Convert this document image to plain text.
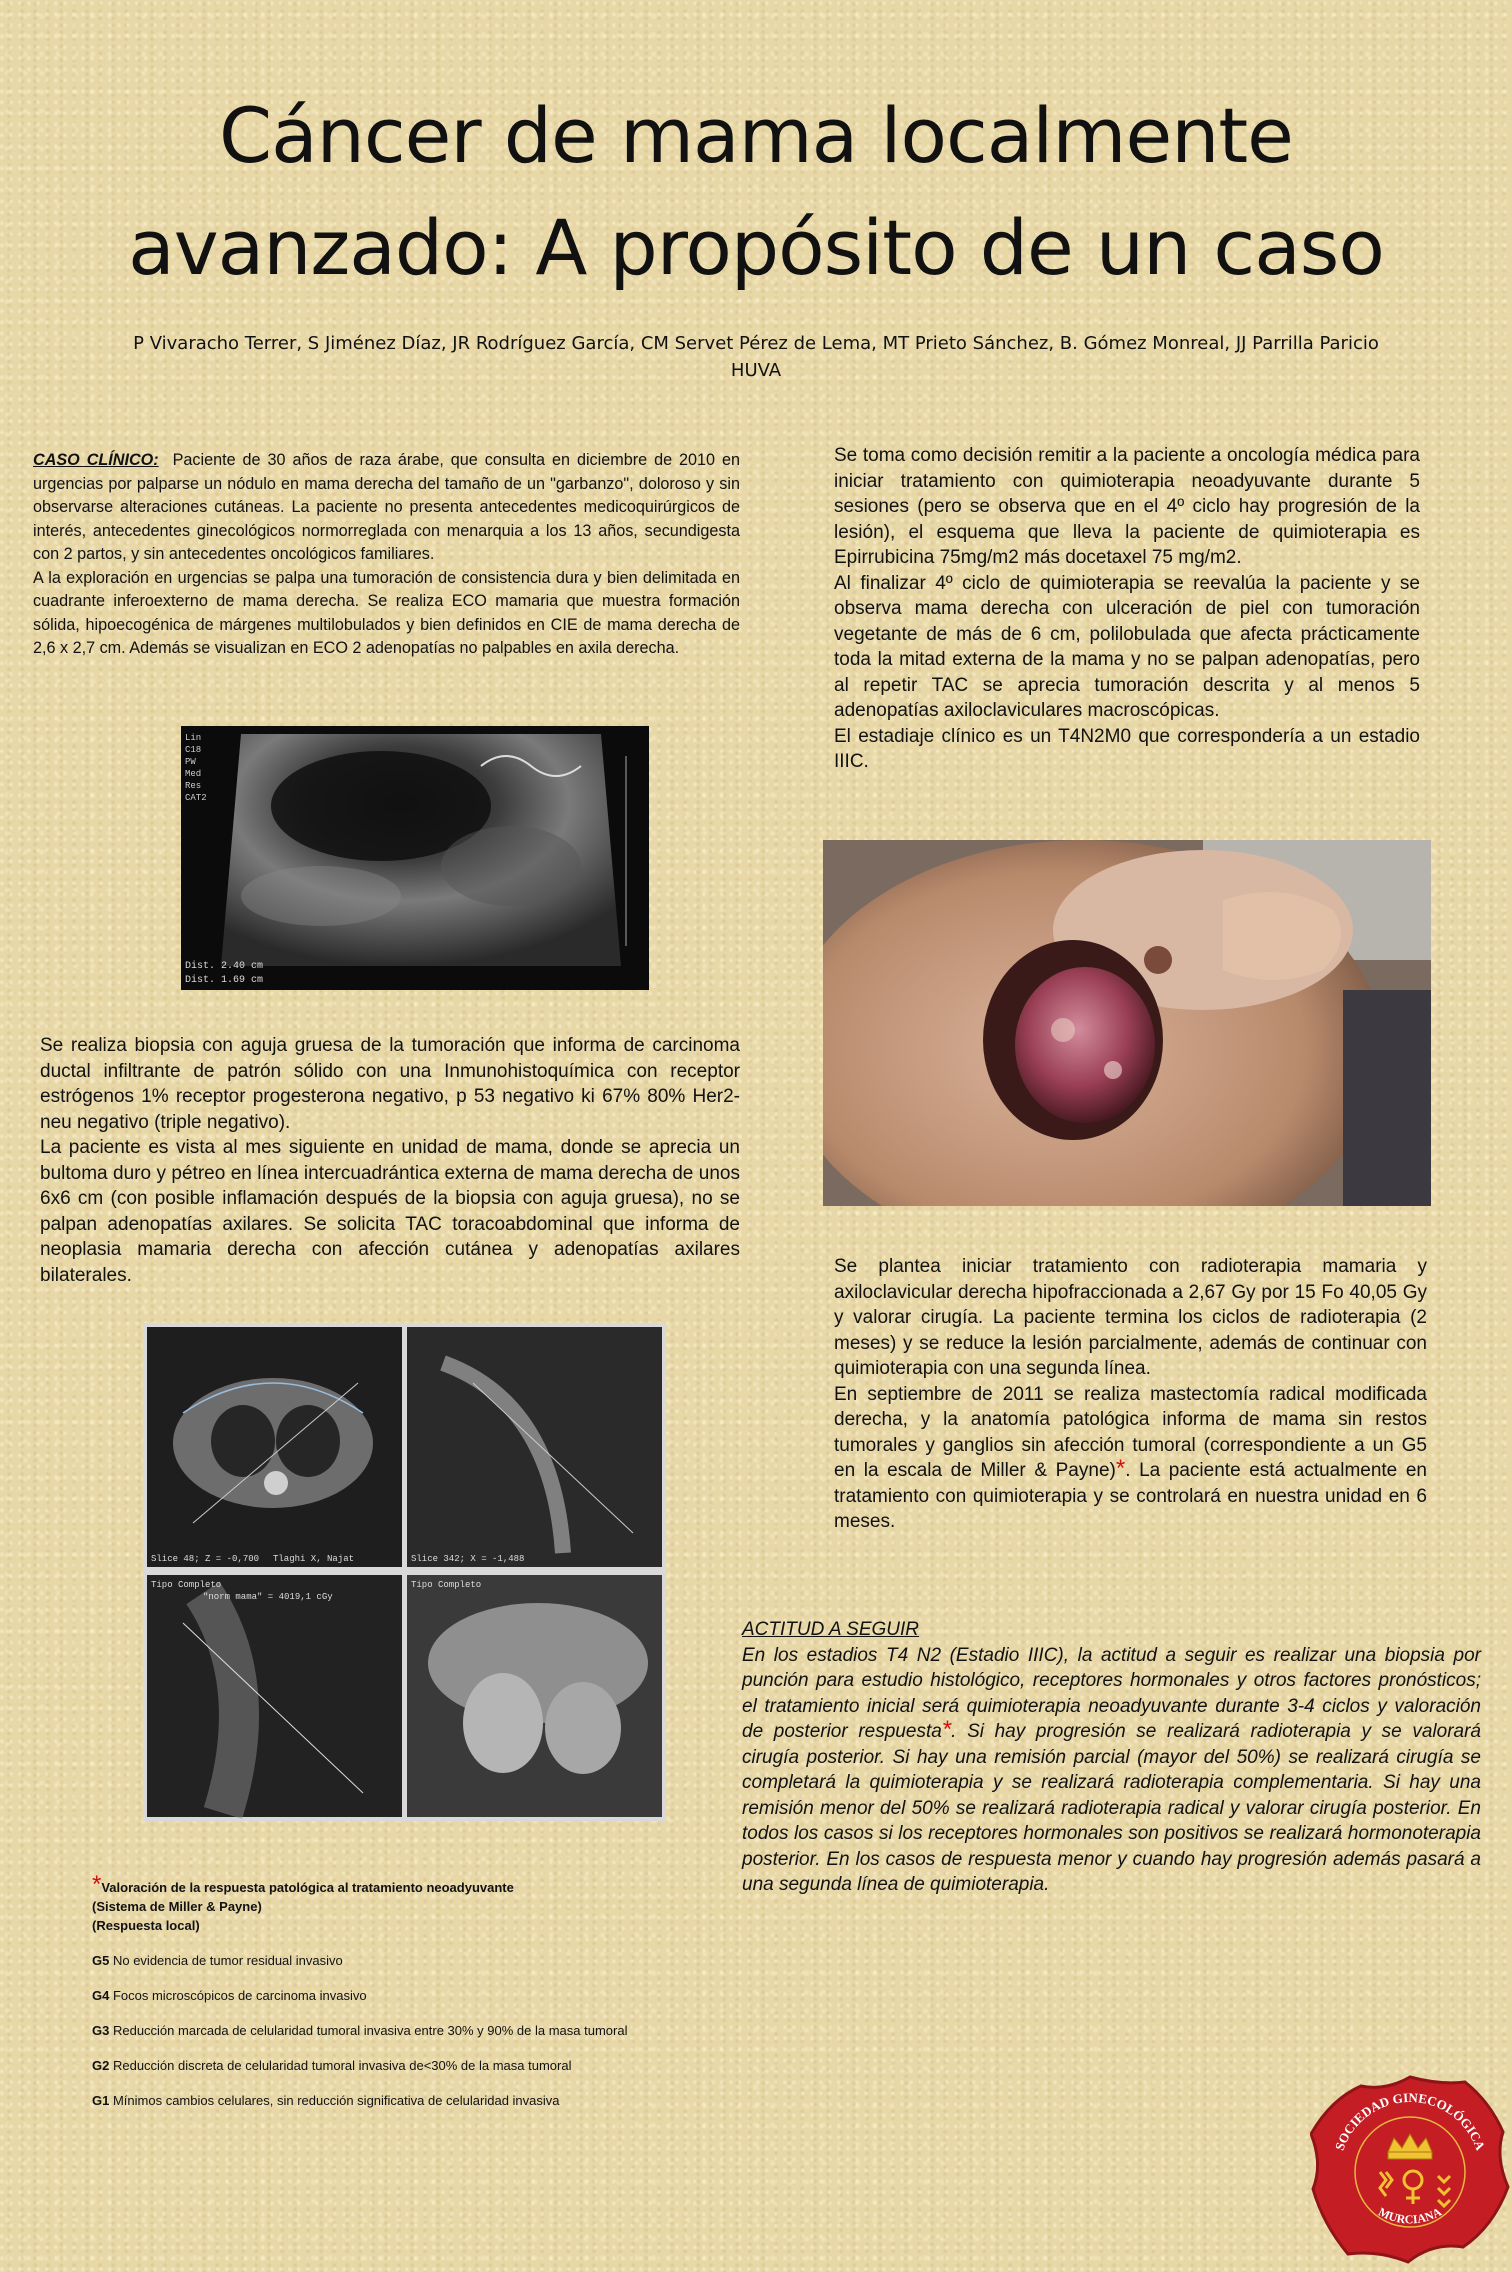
Cáncer de mama localmente
avanzado: A propósito de un caso
P Vivaracho Terrer, S Jiménez Díaz, JR Rodríguez García, CM Servet Pérez de Lema, MT Prieto Sánchez, B. Gómez Monreal, JJ Parrilla Paricio
HUVA

CASO CLÍNICO: Paciente de 30 años de raza árabe, que consulta en diciembre de 2010 en urgencias por palparse un nódulo en mama derecha del tamaño de un "garbanzo", doloroso y sin observarse alteraciones cutáneas. La paciente no presenta antecedentes medicoquirúrgicos de interés, antecedentes ginecológicos normorreglada con menarquia a los 13 años, secundigesta con 2 partos, y sin antecedentes oncológicos familiares.

A la exploración en urgencias se palpa una tumoración de consistencia dura y bien delimitada en cuadrante inferoexterno de mama derecha. Se realiza ECO mamaria que muestra formación sólida, hipoecogénica de márgenes multilobulados y bien definidos en CIE de mama derecha de 2,6 x 2,7 cm. Además se visualizan en ECO 2 adenopatías no palpables en axila derecha.

Lin
C18
PW
Med
Res
CAT2
Dist. 2.40 cm
Dist. 1.69 cm

Se realiza biopsia con aguja gruesa de la tumoración que informa de carcinoma ductal infiltrante de patrón sólido con una Inmunohistoquímica con receptor estrógenos 1% receptor progesterona negativo, p 53 negativo ki 67% 80% Her2-neu negativo (triple negativo).

La paciente es vista al mes siguiente en unidad de mama, donde se aprecia un bultoma duro y pétreo en línea intercuadrántica externa de mama derecha de unos 6x6 cm (con posible inflamación después de la biopsia con aguja gruesa), no se palpan adenopatías axilares. Se solicita TAC toracoabdominal que informa de neoplasia mamaria derecha con afección cutánea y adenopatías axilares bilaterales.

Slice 48; Z = -0,700 Tlaghi X, Najat	Slice 342; X = -1,488
Tipo Completo
"norm mama" = 4019,1 cGy
Tipo Completo

Se toma como decisión remitir a la paciente a oncología médica para iniciar tratamiento con quimioterapia neoadyuvante durante 5 sesiones (pero se observa que en el 4º ciclo hay progresión de la lesión), el esquema que lleva la paciente de quimioterapia es Epirrubicina 75mg/m2 más docetaxel 75 mg/m2.

Al finalizar 4º ciclo de quimioterapia se reevalúa la paciente y se observa mama derecha con ulceración de piel con tumoración vegetante de más de 6 cm, polilobulada que afecta prácticamente toda la mitad externa de la mama y no se palpan adenopatías, pero al repetir TAC se aprecia tumoración descrita y al menos 5 adenopatías axiloclaviculares macroscópicas.

El estadiaje clínico es un T4N2M0 que correspondería a un estadio IIIC.

Se plantea iniciar tratamiento con radioterapia mamaria y axiloclavicular derecha hipofraccionada a 2,67 Gy por 15 Fo 40,05 Gy y valorar cirugía. La paciente termina los ciclos de radioterapia (2 meses) y se reduce la lesión parcialmente, además de continuar con quimioterapia con una segunda línea.

En septiembre de 2011 se realiza mastectomía radical modificada derecha, y la anatomía patológica informa de mama sin restos tumorales y ganglios sin afección tumoral (correspondiente a un G5 en la escala de Miller & Payne)*. La paciente está actualmente en tratamiento con quimioterapia y se controlará en nuestra unidad en 6 meses.

ACTITUD A SEGUIR

En los estadios T4 N2 (Estadio IIIC), la actitud a seguir es realizar una biopsia por punción para estudio histológico, receptores hormonales y otros factores pronósticos; el tratamiento inicial será quimioterapia neoadyuvante durante 3-4 ciclos y valoración de posterior respuesta*. Si hay progresión se realizará radioterapia y se valorará cirugía posterior. Si hay una remisión parcial (mayor del 50%) se realizará cirugía se completará la quimioterapia y se realizará radioterapia complementaria. Si hay una remisión menor del 50% se realizará radioterapia radical y valorar cirugía posterior. En todos los casos si los receptores hormonales son positivos se realizará hormonoterapia posterior. En los casos de respuesta menor y cuando hay progresión además pasará a una segunda línea de quimioterapia.

*Valoración de la respuesta patológica al tratamiento neoadyuvante
(Sistema de Miller & Payne)
(Respuesta local)
G5 No evidencia de tumor residual invasivo
G4 Focos microscópicos de carcinoma invasivo
G3 Reducción marcada de celularidad tumoral invasiva entre 30% y 90% de la masa tumoral
G2 Reducción discreta de celularidad tumoral invasiva de<30% de la masa tumoral
G1 Mínimos cambios celulares, sin reducción significativa de celularidad invasiva
SOCIEDAD GINECOLÓGICA
MURCIANA
